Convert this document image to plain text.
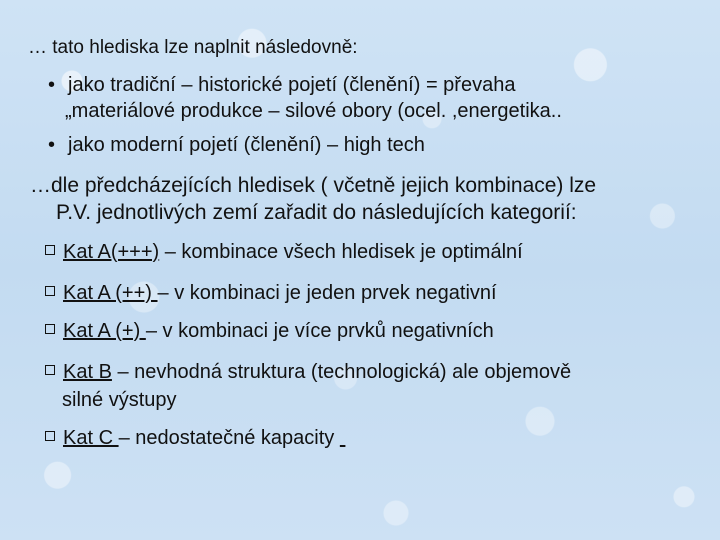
… tato hlediska lze naplnit následovně:
• jako tradiční – historické pojetí (členění) = převaha
„materiálové produkce – silové obory (ocel. ,energetika..
• jako moderní pojetí (členění) – high tech
…dle předcházejících hledisek ( včetně jejich kombinace) lze
P.V. jednotlivých zemí zařadit do následujících kategorií:
Kat A(+++) – kombinace všech hledisek je optimální
Kat A (++) – v kombinaci je jeden prvek negativní
Kat A (+) – v kombinaci je více prvků negativních
Kat B – nevhodná struktura (technologická) ale objemově
silné výstupy
Kat C – nedostatečné kapacity
